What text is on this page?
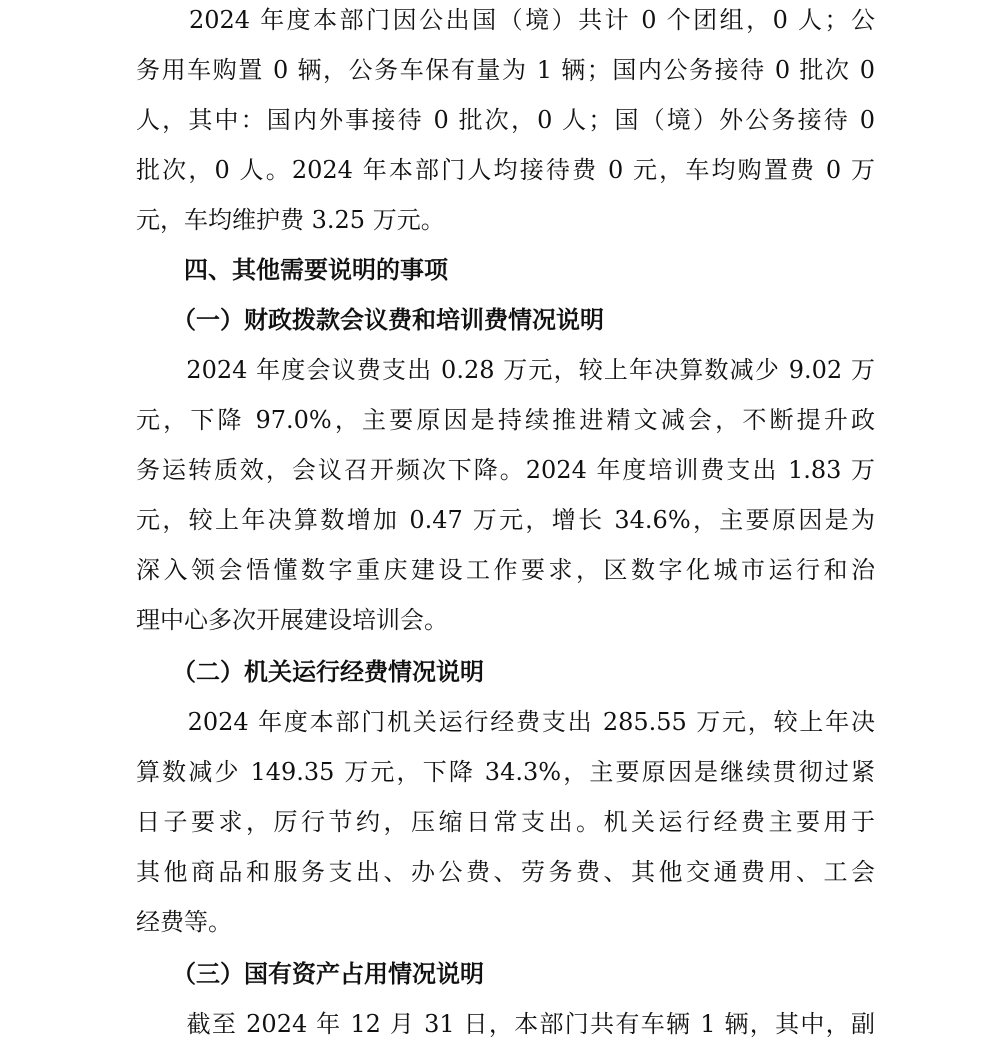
　　2024 年度本部门因公出国（境）共计 0 个团组，0 人；公
务用车购置 0 辆，公务车保有量为 1 辆；国内公务接待 0 批次 0
人，其中：国内外事接待 0 批次，0 人；国（境）外公务接待 0
批次，0 人。2024 年本部门人均接待费 0 元，车均购置费 0 万
元，车均维护费 3.25 万元。
　　四、其他需要说明的事项
　　（一）财政拨款会议费和培训费情况说明
　　2024 年度会议费支出 0.28 万元，较上年决算数减少 9.02 万
元，下降 97.0%，主要原因是持续推进精文减会，不断提升政
务运转质效，会议召开频次下降。2024 年度培训费支出 1.83 万
元，较上年决算数增加 0.47 万元，增长 34.6%，主要原因是为
深入领会悟懂数字重庆建设工作要求，区数字化城市运行和治
理中心多次开展建设培训会。
　　（二）机关运行经费情况说明
　　2024 年度本部门机关运行经费支出 285.55 万元，较上年决
算数减少 149.35 万元，下降 34.3%，主要原因是继续贯彻过紧
日子要求，厉行节约，压缩日常支出。机关运行经费主要用于
其他商品和服务支出、办公费、劳务费、其他交通费用、工会
经费等。
　　（三）国有资产占用情况说明
　　截至 2024 年 12 月 31 日，本部门共有车辆 1 辆，其中，副
